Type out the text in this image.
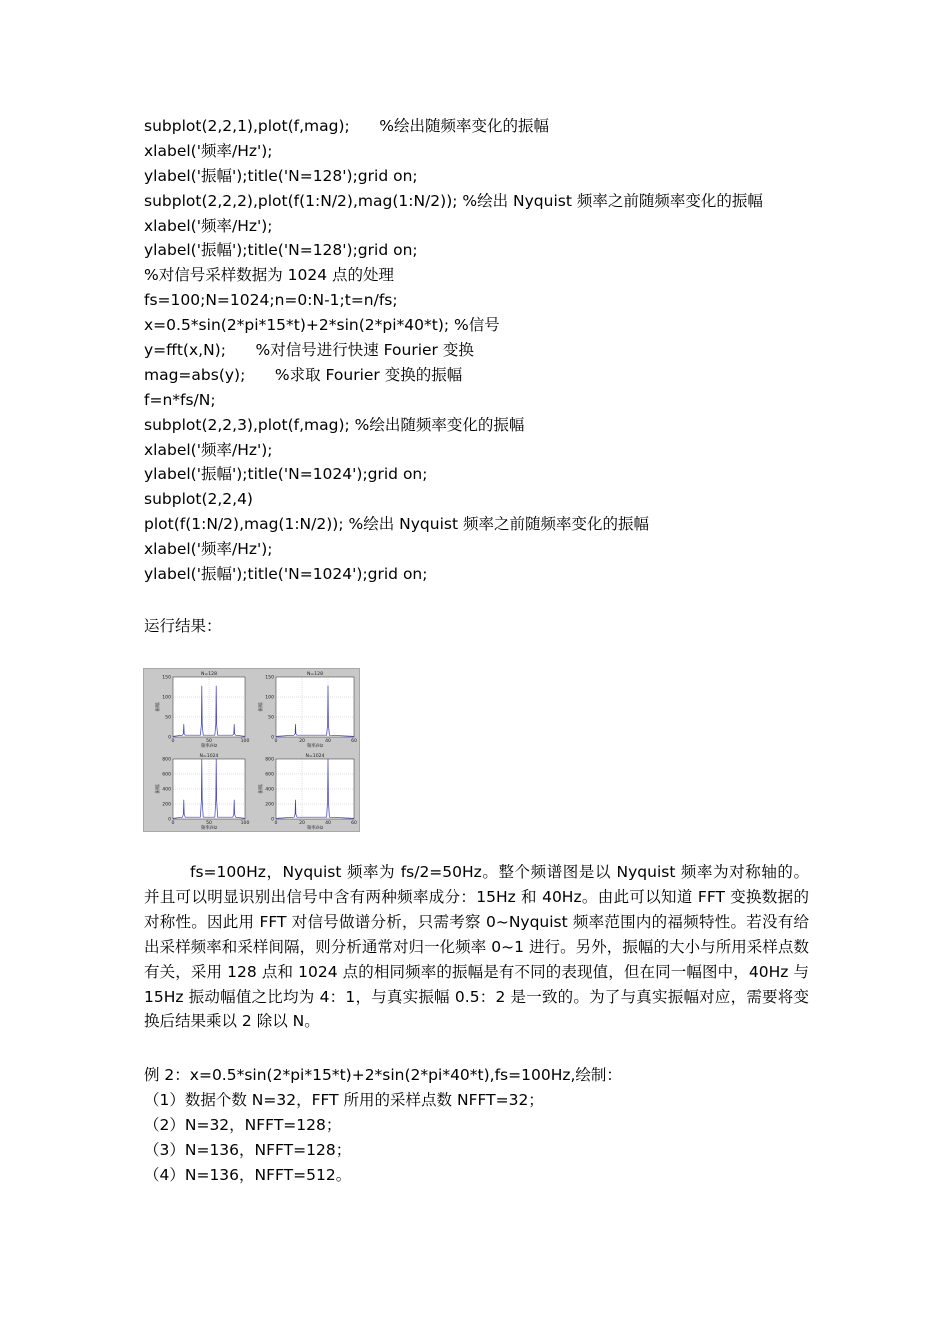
subplot(2,2,1),plot(f,mag);      %绘出随频率变化的振幅
xlabel('频率/Hz');
ylabel('振幅');title('N=128');grid on;
subplot(2,2,2),plot(f(1:N/2),mag(1:N/2)); %绘出 Nyquist 频率之前随频率变化的振幅
xlabel('频率/Hz');
ylabel('振幅');title('N=128');grid on;
%对信号采样数据为 1024 点的处理
fs=100;N=1024;n=0:N-1;t=n/fs;
x=0.5*sin(2*pi*15*t)+2*sin(2*pi*40*t); %信号
y=fft(x,N);      %对信号进行快速 Fourier 变换
mag=abs(y);      %求取 Fourier 变换的振幅
f=n*fs/N;
subplot(2,2,3),plot(f,mag); %绘出随频率变化的振幅
xlabel('频率/Hz');
ylabel('振幅');title('N=1024');grid on;
subplot(2,2,4)
plot(f(1:N/2),mag(1:N/2)); %绘出 Nyquist 频率之前随频率变化的振幅
xlabel('频率/Hz');
ylabel('振幅');title('N=1024');grid on;
运行结果：
0	50	100
0
50
100
150
N=128
频率/Hz
振幅
0	20	40	60
0
50
100
150
N=128
频率/Hz
振幅
0	50	100
0
200
400
600
800
N=1024
频率/Hz
振幅
0	20	40	60
0
200
400
600
800
N=1024
频率/Hz
振幅
fs=100Hz，Nyquist 频率为 fs/2=50Hz。整个频谱图是以 Nyquist 频率为对称轴的。并且可以明显识别出信号中含有两种频率成分：15Hz 和 40Hz。由此可以知道 FFT 变换数据的对称性。因此用 FFT 对信号做谱分析，只需考察 0~Nyquist 频率范围内的福频特性。若没有给出采样频率和采样间隔，则分析通常对归一化频率 0~1 进行。另外，振幅的大小与所用采样点数有关，采用 128 点和 1024 点的相同频率的振幅是有不同的表现值，但在同一幅图中，40Hz 与 15Hz 振动幅值之比均为 4：1，与真实振幅 0.5：2 是一致的。为了与真实振幅对应，需要将变换后结果乘以 2 除以 N。
例 2：x=0.5*sin(2*pi*15*t)+2*sin(2*pi*40*t),fs=100Hz,绘制：
（1）数据个数 N=32，FFT 所用的采样点数 NFFT=32；
（2）N=32，NFFT=128；
（3）N=136，NFFT=128；
（4）N=136，NFFT=512。
